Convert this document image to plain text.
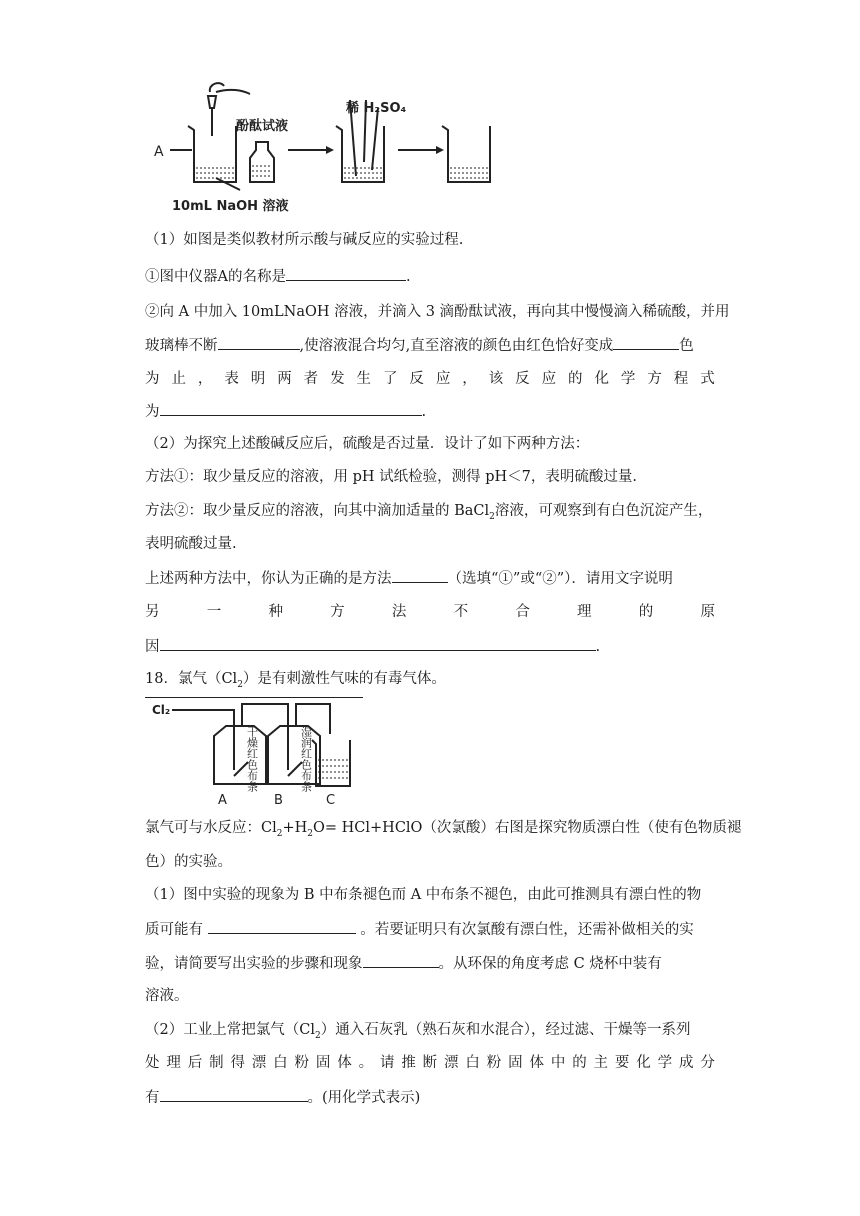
A
酚酞试液
稀 H₂SO₄
10mL NaOH 溶液
（1）如图是类似教材所示酸与碱反应的实验过程.
①图中仪器A的名称是	.
②向 A 中加入 10mLNaOH 溶液，并滴入 3 滴酚酞试液，再向其中慢慢滴入稀硫酸，并用
玻璃棒不断	,使溶液混合均匀,直至溶液的颜色由红色恰好变成	色
为 止 ， 表 明 两 者 发 生 了 反 应 ， 该 反 应 的 化 学 方 程 式
为	.
（2）为探究上述酸碱反应后，硫酸是否过量．设计了如下两种方法：
方法①：取少量反应的溶液，用 pH 试纸检验，测得 pH＜7，表明硫酸过量.
方法②：取少量反应的溶液，向其中滴加适量的 BaCl$_2$溶液，可观察到有白色沉淀产生，
表明硫酸过量.
上述两种方法中，你认为正确的是方法	（选填“①”或“②”）．请用文字说明
另	一	种	方	法	不	合	理	的	原
因	.
18．氯气$(Cl_2)$是有刺激性气味的有毒气体。
Cl₂
干燥红色布条	湿润红色布条
A	B	C
氯气可与水反应：$Cl_2+H_2O=$ HCl+HClO（次氯酸）右图是探究物质漂白性（使有色物质褪
色）的实验。
（1）图中实验的现象为 B 中布条褪色而 A 中布条不褪色，由此可推测具有漂白性的物
质可能有	。若要证明只有次氯酸有漂白性，还需补做相关的实
验，请简要写出实验的步骤和现象	。从环保的角度考虑 C 烧杯中装有
溶液。
（2）工业上常把氯气$(Cl_2)$通入石灰乳（熟石灰和水混合），经过滤、干燥等一系列
处 理 后 制 得 漂 白 粉 固 体 。 请 推 断 漂 白 粉 固 体 中 的 主 要 化 学 成 分
有	。(用化学式表示)
